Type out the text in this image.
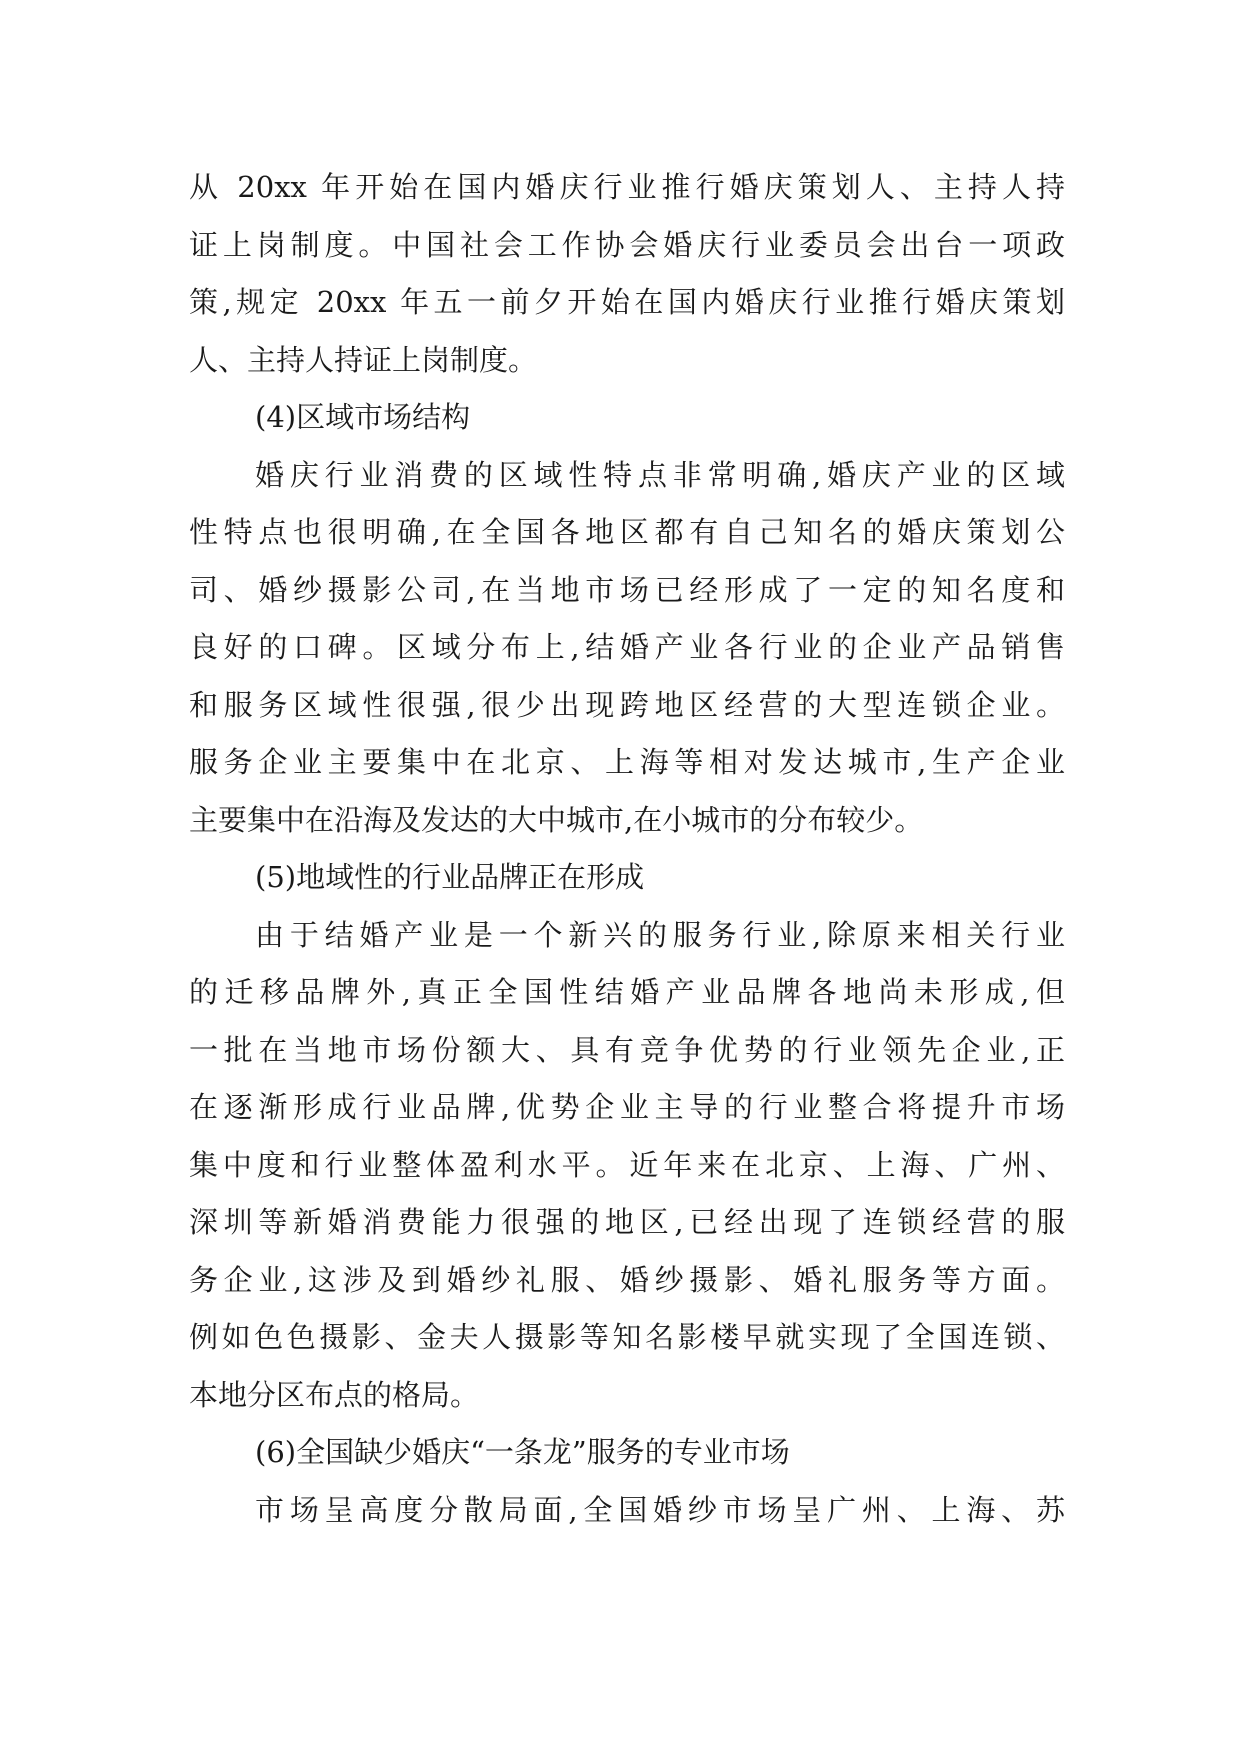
从 20xx 年开始在国内婚庆行业推行婚庆策划人、主持人持
证上岗制度。中国社会工作协会婚庆行业委员会出台一项政
策,规定 20xx 年五一前夕开始在国内婚庆行业推行婚庆策划
人、主持人持证上岗制度。
(4)区域市场结构
婚庆行业消费的区域性特点非常明确,婚庆产业的区域
性特点也很明确,在全国各地区都有自己知名的婚庆策划公
司、婚纱摄影公司,在当地市场已经形成了一定的知名度和
良好的口碑。区域分布上,结婚产业各行业的企业产品销售
和服务区域性很强,很少出现跨地区经营的大型连锁企业。
服务企业主要集中在北京、上海等相对发达城市,生产企业
主要集中在沿海及发达的大中城市,在小城市的分布较少。
(5)地域性的行业品牌正在形成
由于结婚产业是一个新兴的服务行业,除原来相关行业
的迁移品牌外,真正全国性结婚产业品牌各地尚未形成,但
一批在当地市场份额大、具有竞争优势的行业领先企业,正
在逐渐形成行业品牌,优势企业主导的行业整合将提升市场
集中度和行业整体盈利水平。近年来在北京、上海、广州、
深圳等新婚消费能力很强的地区,已经出现了连锁经营的服
务企业,这涉及到婚纱礼服、婚纱摄影、婚礼服务等方面。
例如色色摄影、金夫人摄影等知名影楼早就实现了全国连锁、
本地分区布点的格局。
(6)全国缺少婚庆“一条龙”服务的专业市场
市场呈高度分散局面,全国婚纱市场呈广州、上海、苏
